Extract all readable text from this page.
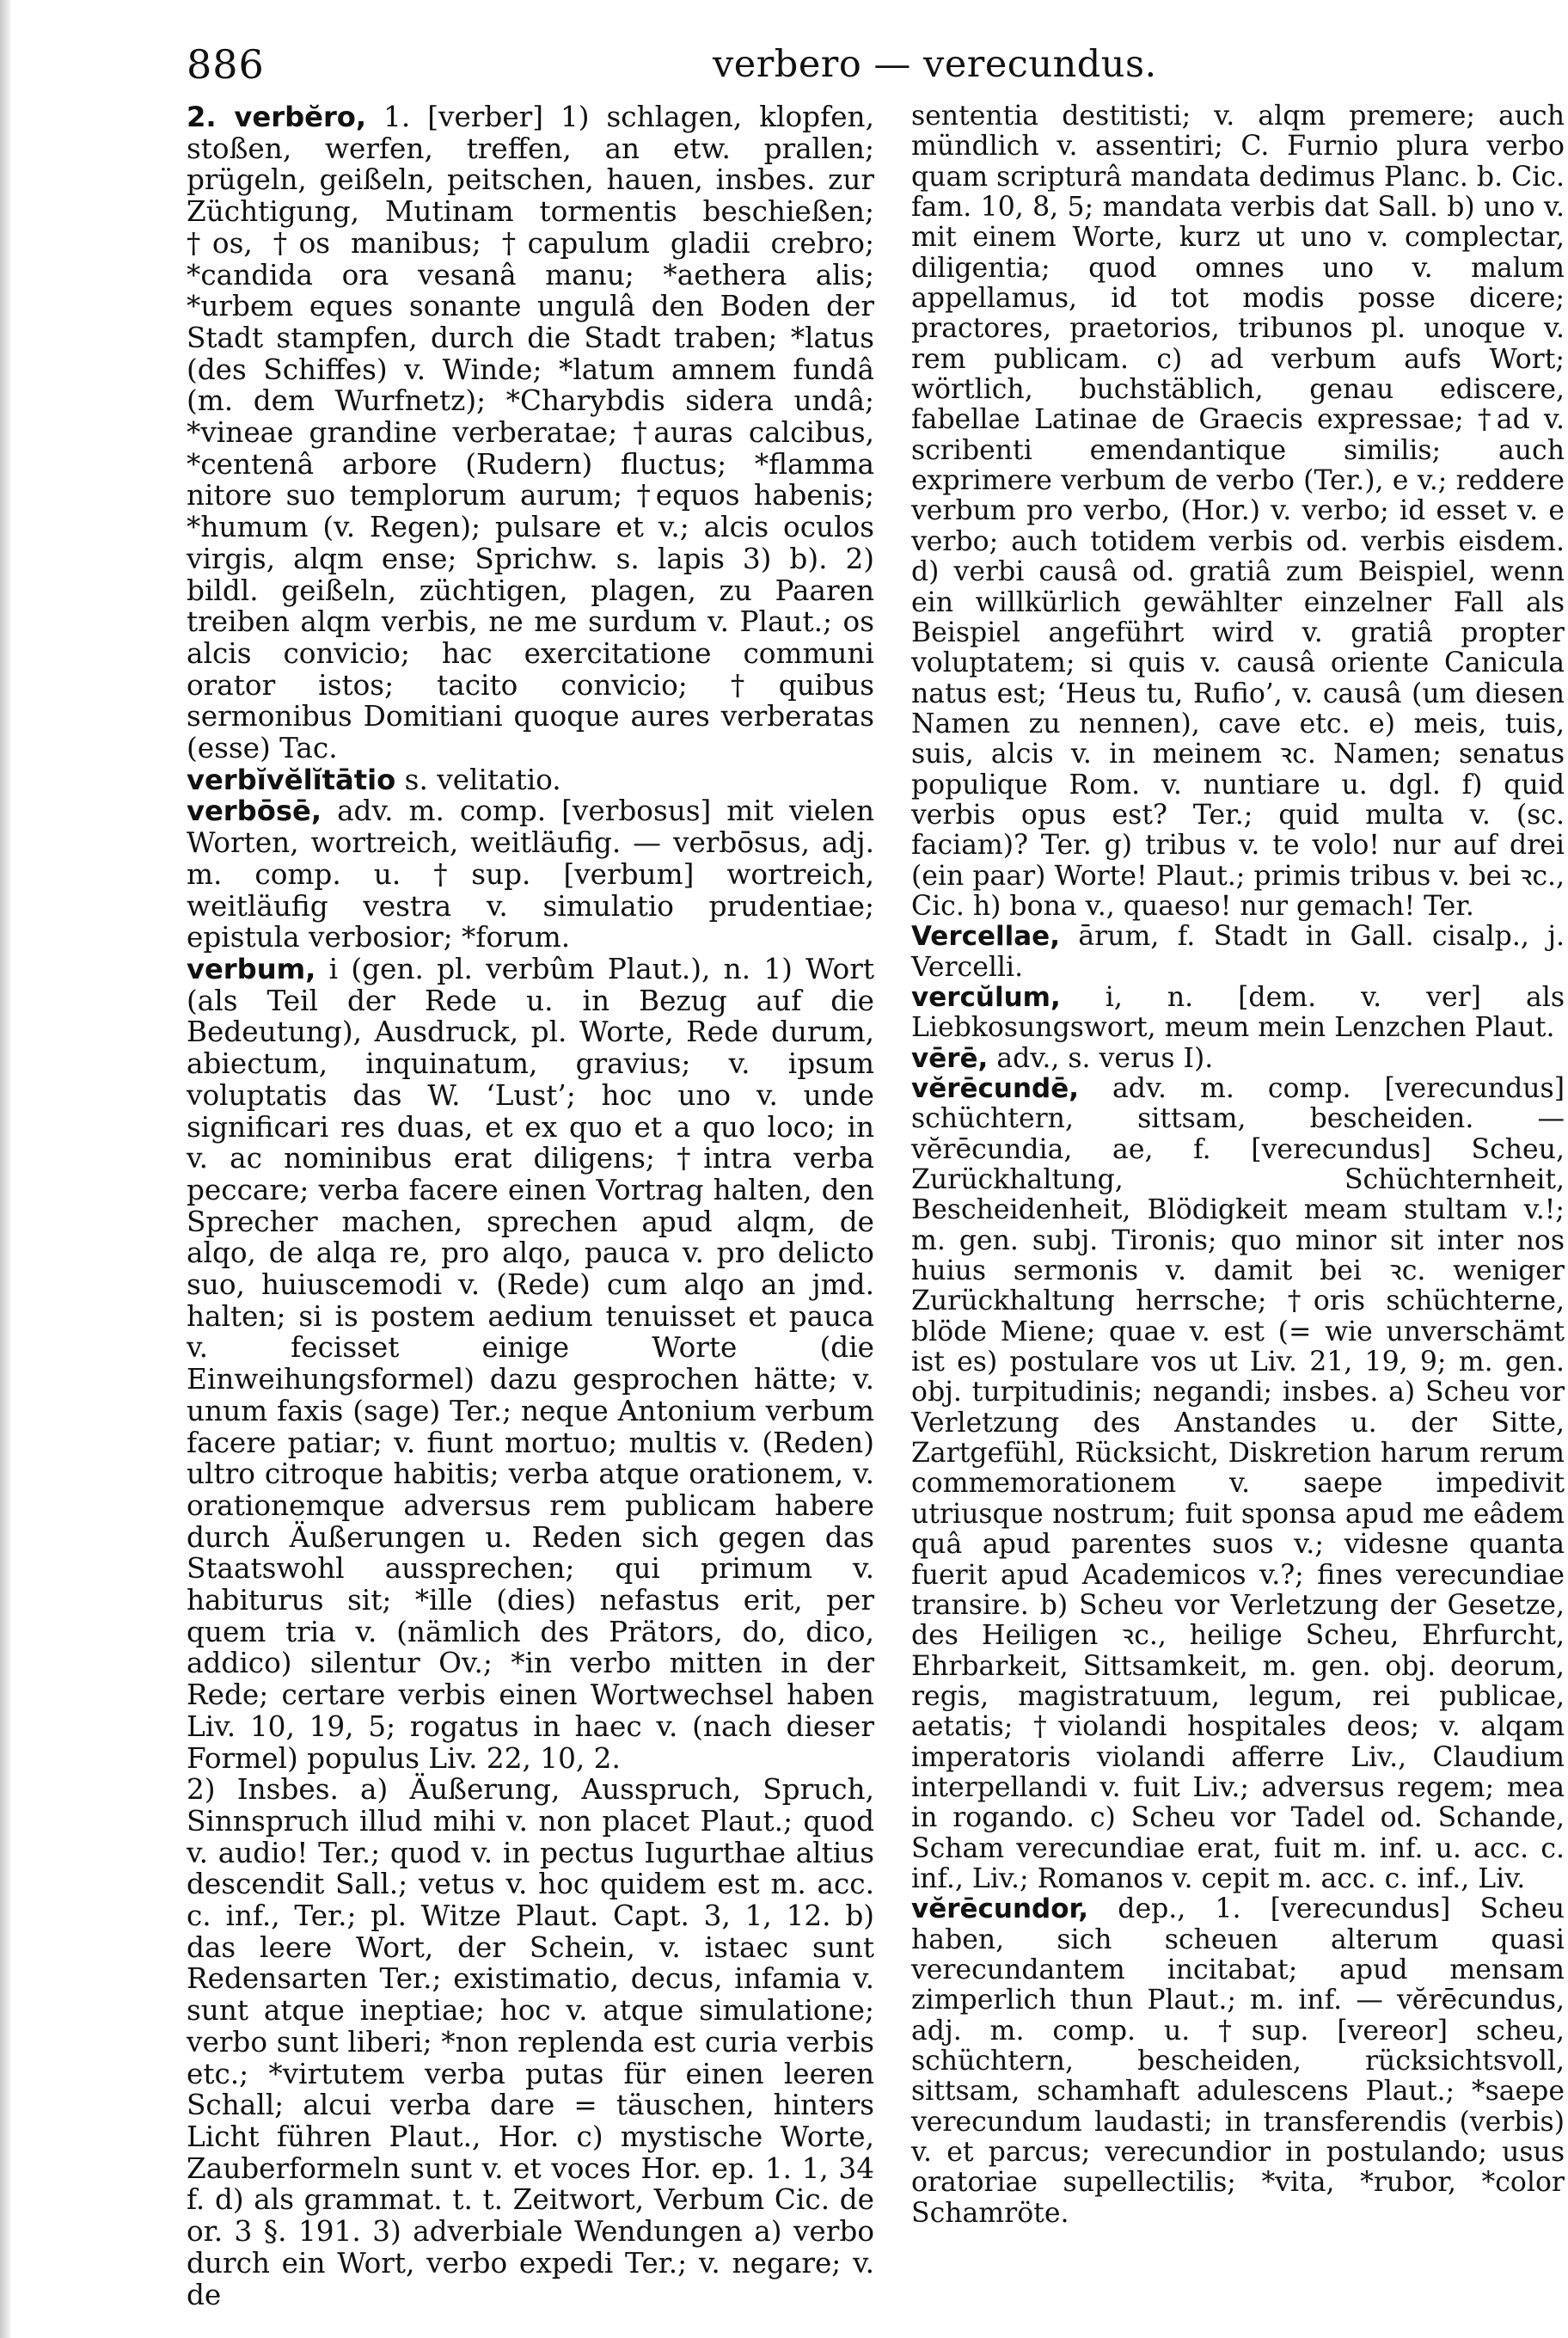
886	verbero — verecundus.

2. verbĕro, 1. [verber] 1) schlagen, klopfen, stoßen, werfen, treffen, an etw. prallen; prügeln, geißeln, peitschen, hauen, insbes. zur Züchtigung, Mutinam tormentis beschießen; †os, †os manibus; †capulum gladii crebro; *candida ora vesanâ manu; *aethera alis; *urbem eques sonante ungulâ den Boden der Stadt stampfen, durch die Stadt traben; *latus (des Schiffes) v. Winde; *latum amnem fundâ (m. dem Wurfnetz); *Charybdis sidera undâ; *vineae grandine verberatae; †auras calcibus, *centenâ arbore (Rudern) fluctus; *flamma nitore suo templorum aurum; †equos habenis; *humum (v. Regen); pulsare et v.; alcis oculos virgis, alqm ense; Sprichw. s. lapis 3) b). 2) bildl. geißeln, züchtigen, plagen, zu Paaren treiben alqm verbis, ne me surdum v. Plaut.; os alcis convicio; hac exercitatione communi orator istos; tacito convicio; †quibus sermonibus Domitiani quoque aures verberatas (esse) Tac.

verbĭvĕlĭtātio s. velitatio.

verbōsē, adv. m. comp. [verbosus] mit vielen Worten, wortreich, weitläufig. — verbōsus, adj. m. comp. u. †sup. [verbum] wortreich, weitläufig vestra v. simulatio prudentiae; epistula verbosior; *forum.

verbum, i (gen. pl. verbûm Plaut.), n. 1) Wort (als Teil der Rede u. in Bezug auf die Bedeutung), Ausdruck, pl. Worte, Rede durum, abiectum, inquinatum, gravius; v. ipsum voluptatis das W. ‘Lust’; hoc uno v. unde significari res duas, et ex quo et a quo loco; in v. ac nominibus erat diligens; †intra verba peccare; verba facere einen Vortrag halten, den Sprecher machen, sprechen apud alqm, de alqo, de alqa re, pro alqo, pauca v. pro delicto suo, huiuscemodi v. (Rede) cum alqo an jmd. halten; si is postem aedium tenuisset et pauca v. fecisset einige Worte (die Einweihungsformel) dazu gesprochen hätte; v. unum faxis (sage) Ter.; neque Antonium verbum facere patiar; v. fiunt mortuo; multis v. (Reden) ultro citroque habitis; verba atque orationem, v. orationemque adversus rem publicam habere durch Äußerungen u. Reden sich gegen das Staatswohl aussprechen; qui primum v. habiturus sit; *ille (dies) nefastus erit, per quem tria v. (nämlich des Prätors, do, dico, addico) silentur Ov.; *in verbo mitten in der Rede; certare verbis einen Wortwechsel haben Liv. 10, 19, 5; rogatus in haec v. (nach dieser Formel) populus Liv. 22, 10, 2.

2) Insbes. a) Äußerung, Ausspruch, Spruch, Sinnspruch illud mihi v. non placet Plaut.; quod v. audio! Ter.; quod v. in pectus Iugurthae altius descendit Sall.; vetus v. hoc quidem est m. acc. c. inf., Ter.; pl. Witze Plaut. Capt. 3, 1, 12. b) das leere Wort, der Schein, v. istaec sunt Redensarten Ter.; existimatio, decus, infamia v. sunt atque ineptiae; hoc v. atque simulatione; verbo sunt liberi; *non replenda est curia verbis etc.; *virtutem verba putas für einen leeren Schall; alcui verba dare = täuschen, hinters Licht führen Plaut., Hor. c) mystische Worte, Zauberformeln sunt v. et voces Hor. ep. 1. 1, 34 f. d) als grammat. t. t. Zeitwort, Verbum Cic. de or. 3 §. 191. 3) adverbiale Wendungen a) verbo durch ein Wort, verbo expedi Ter.; v. negare; v. de

sententia destitisti; v. alqm premere; auch mündlich v. assentiri; C. Furnio plura verbo quam scripturâ mandata dedimus Planc. b. Cic. fam. 10, 8, 5; mandata verbis dat Sall. b) uno v. mit einem Worte, kurz ut uno v. complectar, diligentia; quod omnes uno v. malum appellamus, id tot modis posse dicere; practores, praetorios, tribunos pl. unoque v. rem publicam. c) ad verbum aufs Wort; wörtlich, buchstäblich, genau ediscere, fabellae Latinae de Graecis expressae; †ad v. scribenti emendantique similis; auch exprimere verbum de verbo (Ter.), e v.; reddere verbum pro verbo, (Hor.) v. verbo; id esset v. e verbo; auch totidem verbis od. verbis eisdem. d) verbi causâ od. gratiâ zum Beispiel, wenn ein willkürlich gewählter einzelner Fall als Beispiel angeführt wird v. gratiâ propter voluptatem; si quis v. causâ oriente Canicula natus est; ‘Heus tu, Rufio’, v. causâ (um diesen Namen zu nennen), cave etc. e) meis, tuis, suis, alcis v. in meinem ꝛc. Namen; senatus populique Rom. v. nuntiare u. dgl. f) quid verbis opus est? Ter.; quid multa v. (sc. faciam)? Ter. g) tribus v. te volo! nur auf drei (ein paar) Worte! Plaut.; primis tribus v. bei ꝛc., Cic. h) bona v., quaeso! nur gemach! Ter.

Vercellae, ārum, f. Stadt in Gall. cisalp., j. Vercelli.

vercŭlum, i, n. [dem. v. ver] als Liebkosungswort, meum mein Lenzchen Plaut.

vērē, adv., s. verus I).

vĕrēcundē, adv. m. comp. [verecundus] schüchtern, sittsam, bescheiden. — vĕrēcundia, ae, f. [verecundus] Scheu, Zurückhaltung, Schüchternheit, Bescheidenheit, Blödigkeit meam stultam v.!; m. gen. subj. Tironis; quo minor sit inter nos huius sermonis v. damit bei ꝛc. weniger Zurückhaltung herrsche; †oris schüchterne, blöde Miene; quae v. est (= wie unverschämt ist es) postulare vos ut Liv. 21, 19, 9; m. gen. obj. turpitudinis; negandi; insbes. a) Scheu vor Verletzung des Anstandes u. der Sitte, Zartgefühl, Rücksicht, Diskretion harum rerum commemorationem v. saepe impedivit utriusque nostrum; fuit sponsa apud me eâdem quâ apud parentes suos v.; videsne quanta fuerit apud Academicos v.?; fines verecundiae transire. b) Scheu vor Verletzung der Gesetze, des Heiligen ꝛc., heilige Scheu, Ehrfurcht, Ehrbarkeit, Sittsamkeit, m. gen. obj. deorum, regis, magistratuum, legum, rei publicae, aetatis; †violandi hospitales deos; v. alqam imperatoris violandi afferre Liv., Claudium interpellandi v. fuit Liv.; adversus regem; mea in rogando. c) Scheu vor Tadel od. Schande, Scham verecundiae erat, fuit m. inf. u. acc. c. inf., Liv.; Romanos v. cepit m. acc. c. inf., Liv.

vĕrēcundor, dep., 1. [verecundus] Scheu haben, sich scheuen alterum quasi verecundantem incitabat; apud mensam zimperlich thun Plaut.; m. inf. — vĕrēcundus, adj. m. comp. u. †sup. [vereor] scheu, schüchtern, bescheiden, rücksichtsvoll, sittsam, schamhaft adulescens Plaut.; *saepe verecundum laudasti; in transferendis (verbis) v. et parcus; verecundior in postulando; usus oratoriae supellectilis; *vita, *rubor, *color Schamröte.
